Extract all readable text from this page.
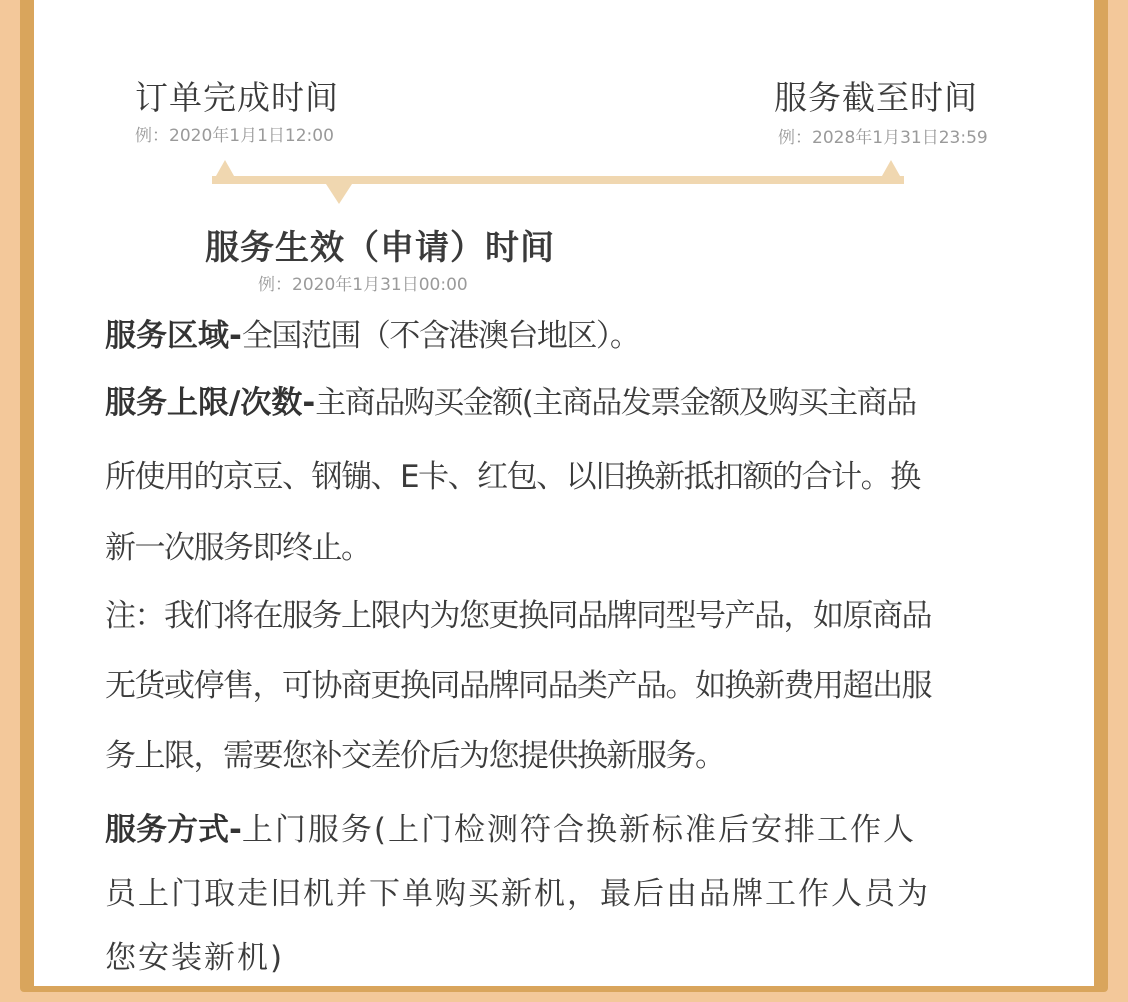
订单完成时间
例：2020年1月1日12:00
服务截至时间
例：2028年1月31日23:59
服务生效（申请）时间
例：2020年1月31日00:00
服务区域-全国范围（不含港澳台地区）。
服务上限/次数-主商品购买金额(主商品发票金额及购买主商品
所使用的京豆、钢镚、E卡、红包、以旧换新抵扣额的合计。换
新一次服务即终止。
注：我们将在服务上限内为您更换同品牌同型号产品，如原商品
无货或停售，可协商更换同品牌同品类产品。如换新费用超出服
务上限，需要您补交差价后为您提供换新服务。
服务方式-上门服务(上门检测符合换新标准后安排工作人
员上门取走旧机并下单购买新机，最后由品牌工作人员为
您安装新机)
